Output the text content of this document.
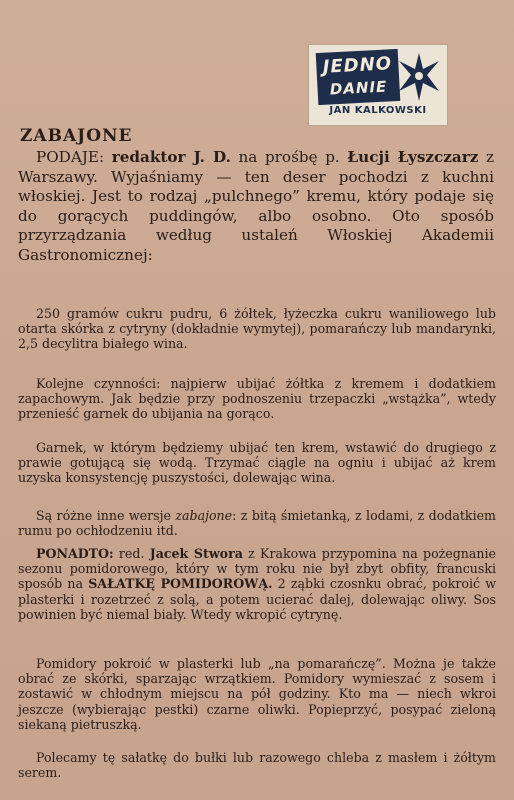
JEDNO
DANIE
JAN KALKOWSKI
ZABAJONE
PODAJE: redaktor J. D. na prośbę p. Łucji Łyszczarz z Warszawy. Wyjaśniamy — ten deser pochodzi z kuchni włoskiej. Jest to rodzaj „pulchnego” kremu, który podaje się do gorących puddingów, albo osobno. Oto sposób przyrządzania według ustaleń Włoskiej Akademii Gastronomicznej:
250 gramów cukru pudru, 6 żółtek, łyżeczka cukru waniliowego lub otarta skórka z cytryny (dokładnie wymytej), pomarańczy lub mandarynki, 2,5 decylitra białego wina.
Kolejne czynności: najpierw ubijać żółtka z kremem i dodatkiem zapachowym. Jak będzie przy podnoszeniu trzepaczki „wstążka”, wtedy przenieść garnek do ubijania na gorąco.
Garnek, w którym będziemy ubijać ten krem, wstawić do drugiego z prawie gotującą się wodą. Trzymać ciągle na ogniu i ubijać aż krem uzyska konsystencję puszystości, dolewając wina.
Są różne inne wersje zabajone: z bitą śmietanką, z lodami, z dodatkiem rumu po ochłodzeniu itd.
PONADTO: red. Jacek Stwora z Krakowa przypomina na pożegnanie sezonu pomidorowego, który w tym roku nie był zbyt obfity, francuski sposób na SAŁATKĘ POMIDOROWĄ. 2 ząbki czosnku obrać, pokroić w plasterki i rozetrzeć z solą, a potem ucierać dalej, dolewając oliwy. Sos powinien być niemal biały. Wtedy wkropić cytrynę.
Pomidory pokroić w plasterki lub „na pomarańczę”. Można je także obrać ze skórki, sparzając wrzątkiem. Pomidory wymieszać z sosem i zostawić w chłodnym miejscu na pół godziny. Kto ma — niech wkroi jeszcze (wybierając pestki) czarne oliwki. Popieprzyć, posypać zieloną siekaną pietruszką.
Polecamy tę sałatkę do bułki lub razowego chleba z masłem i żółtym serem.
